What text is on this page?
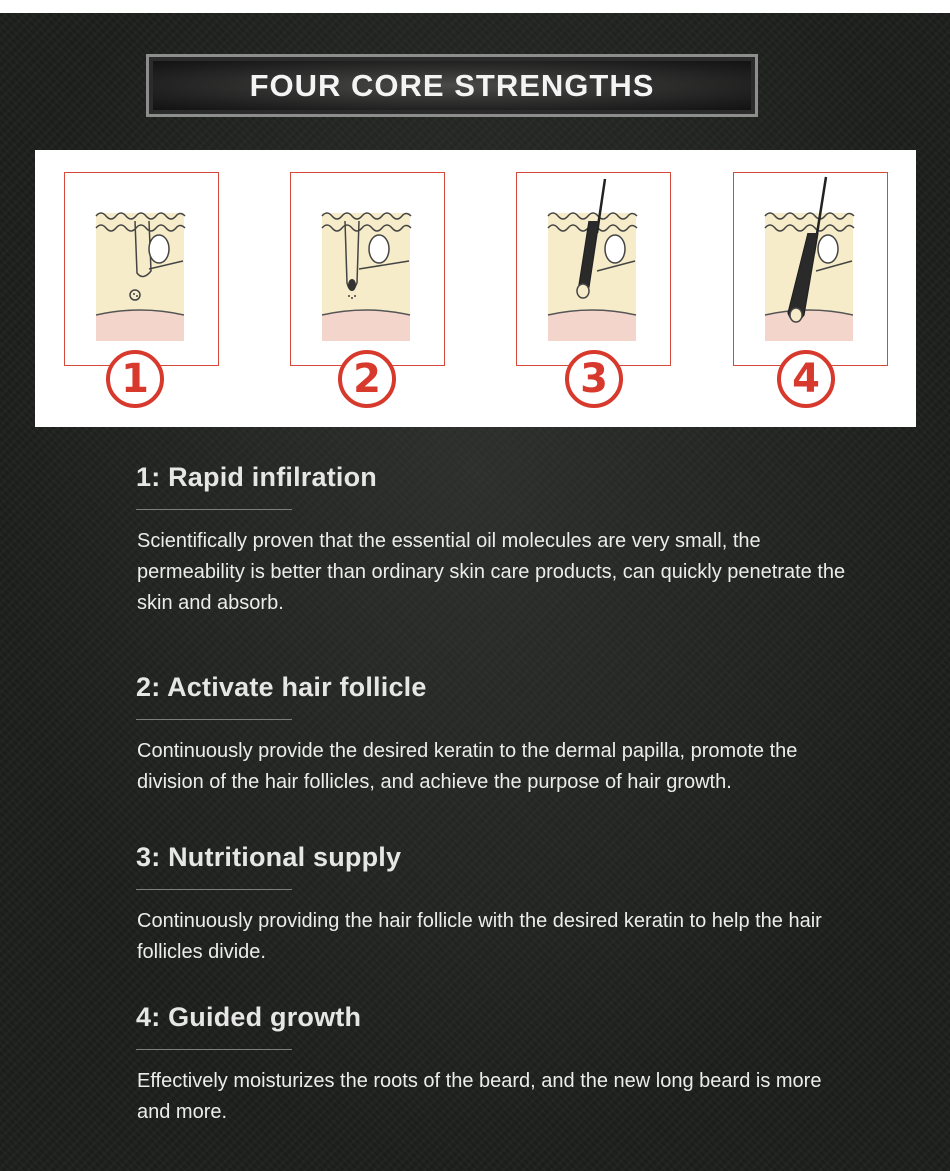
FOUR CORE STRENGTHS
1	2	3	4
1: Rapid infilration

Scientifically proven that the essential oil molecules are very small, the permeability is better than ordinary skin care products, can quickly penetrate the skin and absorb.

2: Activate hair follicle

Continuously provide the desired keratin to the dermal papilla, promote the division of the hair follicles, and achieve the purpose of hair growth.

3: Nutritional supply

Continuously providing the hair follicle with the desired keratin to help the hair follicles divide.

4: Guided growth

Effectively moisturizes the roots of the beard, and the new long beard is more and more.
